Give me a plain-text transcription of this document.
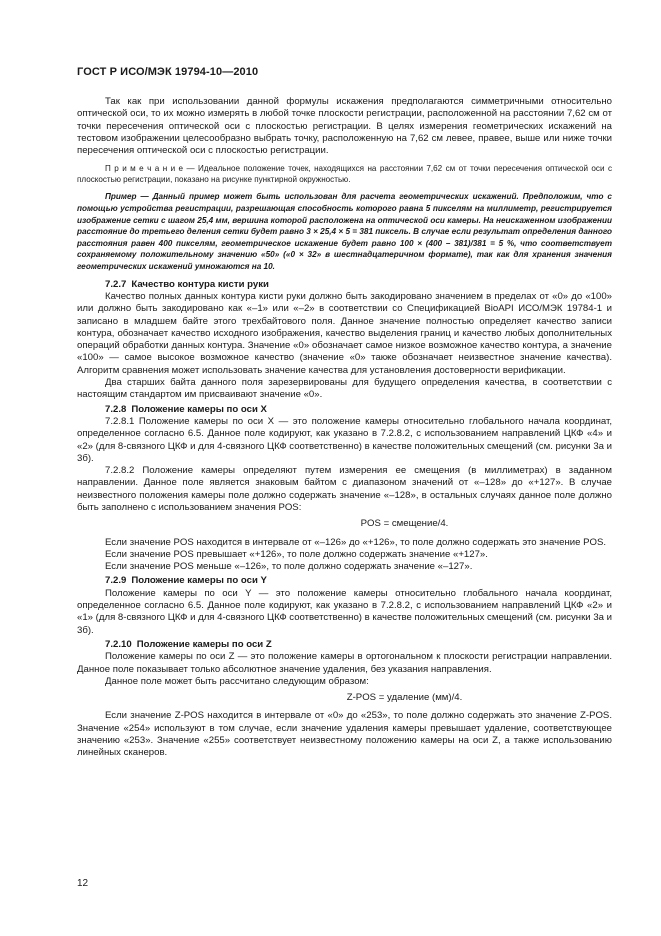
ГОСТ Р ИСО/МЭК 19794-10—2010

Так как при использовании данной формулы искажения предполагаются симметричными относительно оптической оси, то их можно измерять в любой точке плоскости регистрации, расположенной на расстоянии 7,62 см от точки пересечения оптической оси с плоскостью регистрации. В целях измерения геометрических искажений на тестовом изображении целесообразно выбрать точку, расположенную на 7,62 см левее, правее, выше или ниже точки пересечения оптической оси с плоскостью регистрации.

П р и м е ч а н и е — Идеальное положение точек, находящихся на расстоянии 7,62 см от точки пересечения оптической оси с плоскостью регистрации, показано на рисунке пунктирной окружностью.

Пример — Данный пример может быть использован для расчета геометрических искажений. Предположим, что с помощью устройства регистрации, разрешающая способность которого равна 5 пикселям на миллиметр, регистрируется изображение сетки с шагом 25,4 мм, вершина которой расположена на оптической оси камеры. На неискаженном изображении расстояние до третьего деления сетки будет равно 3 × 25,4 × 5 = 381 пиксель. В случае если результат определения данного расстояния равен 400 пикселям, геометрическое искажение будет равно 100 × (400 – 381)/381 = 5 %, что соответствует сохраняемому положительному значению «50» («0 × 32» в шестнадцатеричном формате), так как для хранения значения геометрических искажений умножаются на 10.

7.2.7 Качество контура кисти руки

Качество полных данных контура кисти руки должно быть закодировано значением в пределах от «0» до «100» или должно быть закодировано как «–1» или «–2» в соответствии со Спецификацией BioAPI ИСО/МЭК 19784-1 и записано в младшем байте этого трехбайтового поля. Данное значение полностью определяет качество записи контура, обозначает качество исходного изображения, качество выделения границ и качество любых дополнительных операций обработки данных контура. Значение «0» обозначает самое низкое возможное качество контура, а значение «100» — самое высокое возможное качество (значение «0» также обозначает неизвестное значение качества). Алгоритм сравнения может использовать значение качества для установления достоверности верификации.

Два старших байта данного поля зарезервированы для будущего определения качества, в соответствии с настоящим стандартом им присваивают значение «0».

7.2.8 Положение камеры по оси X

7.2.8.1 Положение камеры по оси X — это положение камеры относительно глобального начала координат, определенное согласно 6.5. Данное поле кодируют, как указано в 7.2.8.2, с использованием направлений ЦКФ «4» и «2» (для 8-связного ЦКФ и для 4-связного ЦКФ соответственно) в качестве положительных смещений (см. рисунки 3а и 3б).

7.2.8.2 Положение камеры определяют путем измерения ее смещения (в миллиметрах) в заданном направлении. Данное поле является знаковым байтом с диапазоном значений от «–128» до «+127». В случае неизвестного положения камеры поле должно содержать значение «–128», в остальных случаях данное поле должно быть заполнено с использованием значения POS:

POS = смещение/4.

Если значение POS находится в интервале от «–126» до «+126», то поле должно содержать это значение POS.

Если значение POS превышает «+126», то поле должно содержать значение «+127».

Если значение POS меньше «–126», то поле должно содержать значение «–127».

7.2.9 Положение камеры по оси Y

Положение камеры по оси Y — это положение камеры относительно глобального начала координат, определенное согласно 6.5. Данное поле кодируют, как указано в 7.2.8.2, с использованием направлений ЦКФ «2» и «1» (для 8-связного ЦКФ и для 4-связного ЦКФ соответственно) в качестве положительных смещений (см. рисунки 3а и 3б).

7.2.10 Положение камеры по оси Z

Положение камеры по оси Z — это положение камеры в ортогональном к плоскости регистрации направлении. Данное поле показывает только абсолютное значение удаления, без указания направления.

Данное поле может быть рассчитано следующим образом:

Z-POS = удаление (мм)/4.

Если значение Z-POS находится в интервале от «0» до «253», то поле должно содержать это значение Z-POS. Значение «254» используют в том случае, если значение удаления камеры превышает удаление, соответствующее значению «253». Значение «255» соответствует неизвестному положению камеры на оси Z, а также использованию линейных сканеров.

12
